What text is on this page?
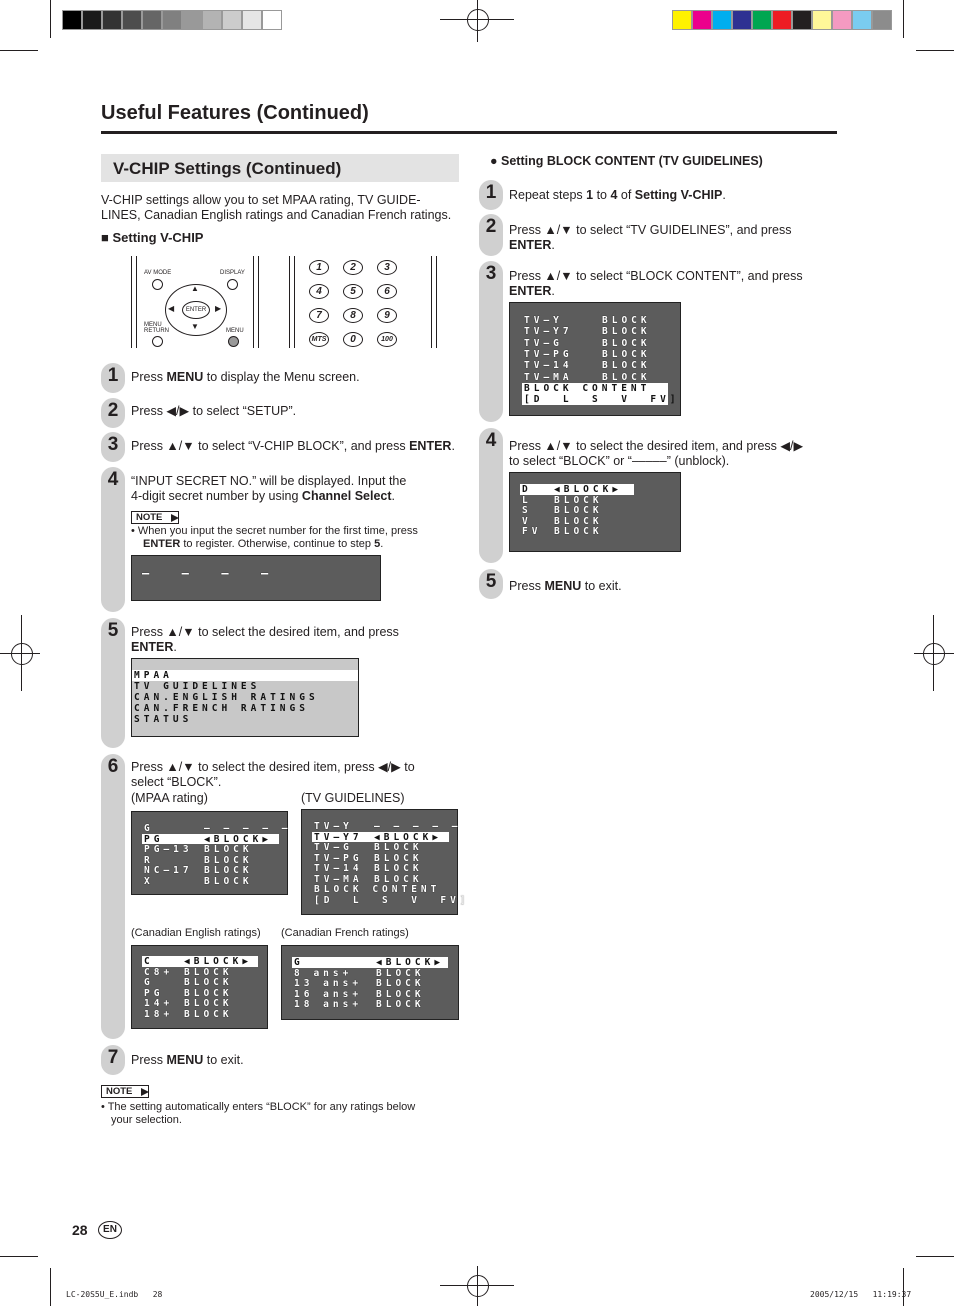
Useful Features (Continued)
V-CHIP Settings (Continued)
V-CHIP settings allow you to set MPAA rating, TV GUIDE-
LINES, Canadian English ratings and Canadian French ratings.
■ Setting V-CHIP
AV MODE	DISPLAY
ENTER
▲
▼
◀	▶
MENU RETURN	MENU
1	2	3
4	5	6
7	8	9
MTS	0	100
1	Press MENU to display the Menu screen.
2	Press ◀/▶ to select “SETUP”.
3	Press ▲/▼ to select “V-CHIP BLOCK”, and press ENTER.
4	“INPUT SECRET NO.” will be displayed. Input the
4-digit secret number by using Channel Select.
NOTE
• When you input the secret number for the first time, press
ENTER to register. Otherwise, continue to step 5.
–  –  –  –
5	Press ▲/▼ to select the desired item, and press
ENTER.
MPAA
TV GUIDELINES
CAN.ENGLISH RATINGS
CAN.FRENCH RATINGS
STATUS
6	Press ▲/▼ to select the desired item, press ◀/▶ to
select “BLOCK”.
(MPAA rating)	(TV GUIDELINES)
G	– – – – –
PG	◀BLOCK▶
PG–13 BLOCK
R	BLOCK
NC–17 BLOCK
X	BLOCK
TV–Y – – – – –
TV–Y7 ◀BLOCK▶
TV–G BLOCK
TV–PG BLOCK
TV–14 BLOCK
TV–MA BLOCK
BLOCK CONTENT
[D  L  S  V  FV]
(Canadian English ratings) (Canadian French ratings)
C	◀BLOCK▶
C8+ BLOCK
G	BLOCK
PG BLOCK
14+ BLOCK
18+ BLOCK
G	◀BLOCK▶
8 ans+ BLOCK
13 ans+ BLOCK
16 ans+ BLOCK
18 ans+ BLOCK
7	Press MENU to exit.
NOTE
• The setting automatically enters “BLOCK” for any ratings below
your selection.
● Setting BLOCK CONTENT (TV GUIDELINES)
1	Repeat steps 1 to 4 of Setting V-CHIP.
2	Press ▲/▼ to select “TV GUIDELINES”, and press
ENTER.
3	Press ▲/▼ to select “BLOCK CONTENT”, and press
ENTER.
TV–Y	BLOCK
TV–Y7	BLOCK
TV–G	BLOCK
TV–PG	BLOCK
TV–14	BLOCK
TV–MA	BLOCK
BLOCK CONTENT
[D  L  S  V  FV]
4	Press ▲/▼ to select the desired item, and press ◀/▶
to select “BLOCK” or “–––––” (unblock).
D ◀BLOCK▶
L BLOCK
S BLOCK
V BLOCK
FV BLOCK
5	Press MENU to exit.
28	EN
LC-20S5U_E.indb   28	2005/12/15   11:19:37
